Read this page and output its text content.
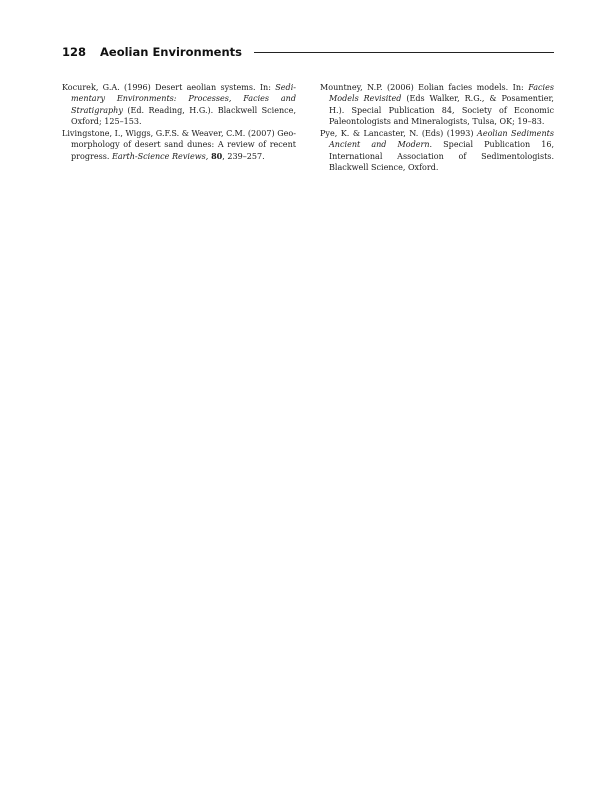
128 Aeolian Environments

Kocurek, G.A. (1996) Desert aeolian systems. In: Sedimentary Environments: Processes, Facies and Stratigraphy (Ed. Reading, H.G.). Blackwell Science, Oxford; 125–153.

Livingstone, I., Wiggs, G.F.S. & Weaver, C.M. (2007) Geomorphology of desert sand dunes: A review of recent progress. Earth-Science Reviews, 80, 239–257.

Mountney, N.P. (2006) Eolian facies models. In: Facies Models Revisited (Eds Walker, R.G., & Posamentier, H.). Special Publication 84, Society of Economic Paleontologists and Mineralogists, Tulsa, OK; 19–83.

Pye, K. & Lancaster, N. (Eds) (1993) Aeolian Sediments Ancient and Modern. Special Publication 16, International Association of Sedimentologists. Blackwell Science, Oxford.
